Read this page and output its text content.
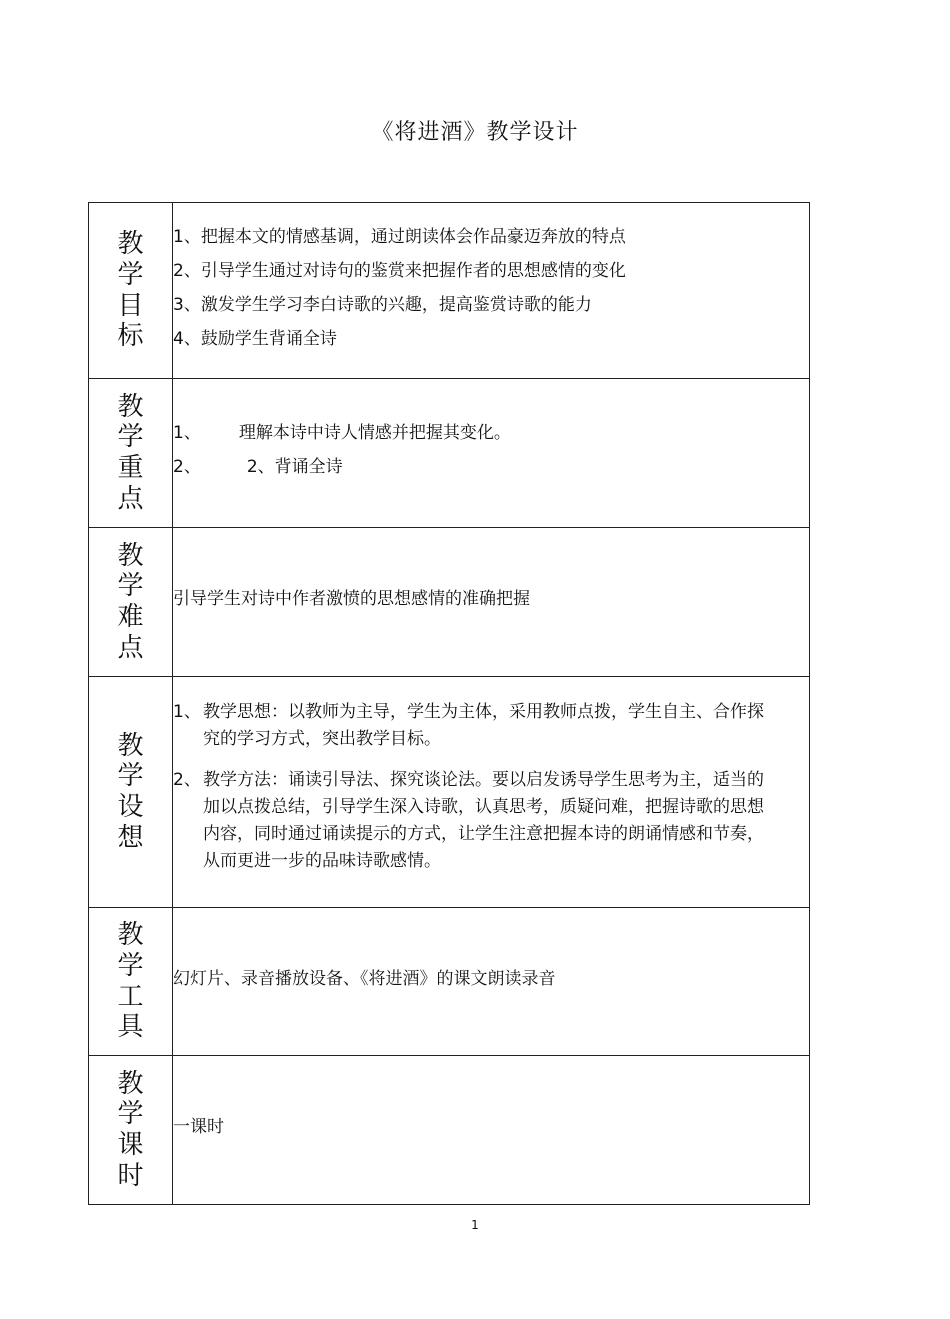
《将进酒》教学设计
教学目标	1、把握本文的情感基调，通过朗读体会作品豪迈奔放的特点
2、引导学生通过对诗句的鉴赏来把握作者的思想感情的变化
3、激发学生学习李白诗歌的兴趣，提高鉴赏诗歌的能力
4、鼓励学生背诵全诗

教学重点	1、 理解本诗中诗人情感并把握其变化。
2、 2、背诵全诗

教学难点	引导学生对诗中作者激愤的思想感情的准确把握

教学设想	1、 教学思想：以教师为主导，学生为主体，采用教师点拨，学生自主、合作探究的学习方式，突出教学目标。
2、 教学方法：诵读引导法、探究谈论法。要以启发诱导学生思考为主，适当的加以点拨总结，引导学生深入诗歌，认真思考，质疑问难，把握诗歌的思想内容，同时通过诵读提示的方式，让学生注意把握本诗的朗诵情感和节奏，从而更进一步的品味诗歌感情。

教学工具	幻灯片、录音播放设备、《将进酒》的课文朗读录音

教学课时	一课时
1
